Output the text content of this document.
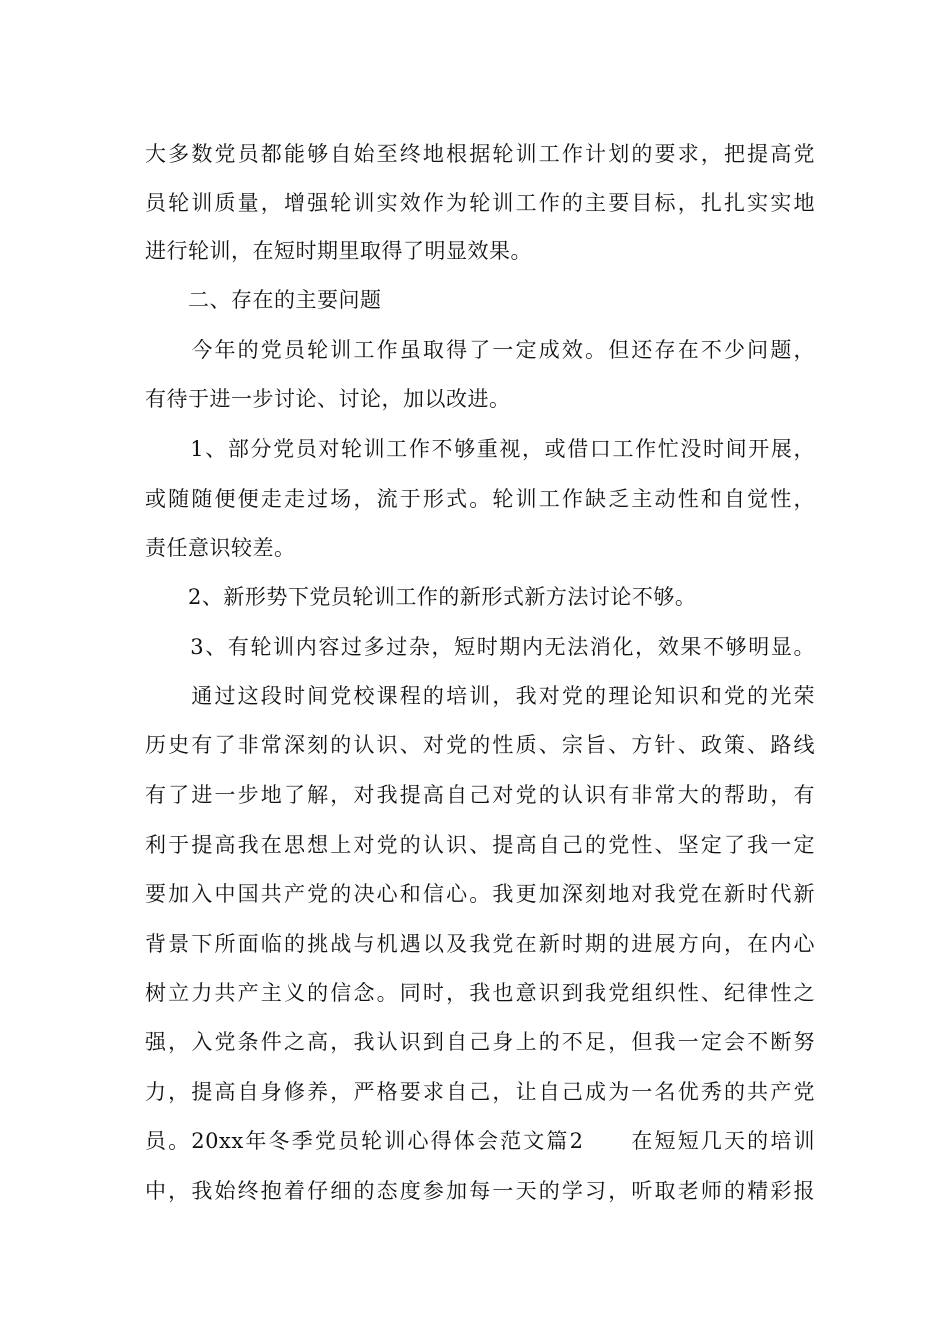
大多数党员都能够自始至终地根据轮训工作计划的要求，把提高党
员轮训质量，增强轮训实效作为轮训工作的主要目标，扎扎实实地
进行轮训，在短时期里取得了明显效果。
　　二、存在的主要问题
　　今年的党员轮训工作虽取得了一定成效。但还存在不少问题，
有待于进一步讨论、讨论，加以改进。
　　1、部分党员对轮训工作不够重视，或借口工作忙没时间开展，
或随随便便走走过场，流于形式。轮训工作缺乏主动性和自觉性，
责任意识较差。
　　2、新形势下党员轮训工作的新形式新方法讨论不够。
　　3、有轮训内容过多过杂，短时期内无法消化，效果不够明显。
　　通过这段时间党校课程的培训，我对党的理论知识和党的光荣
历史有了非常深刻的认识、对党的性质、宗旨、方针、政策、路线
有了进一步地了解，对我提高自己对党的认识有非常大的帮助，有
利于提高我在思想上对党的认识、提高自己的党性、坚定了我一定
要加入中国共产党的决心和信心。我更加深刻地对我党在新时代新
背景下所面临的挑战与机遇以及我党在新时期的进展方向，在内心
树立力共产主义的信念。同时，我也意识到我党组织性、纪律性之
强，入党条件之高，我认识到自己身上的不足，但我一定会不断努
力，提高自身修养，严格要求自己，让自己成为一名优秀的共产党
员。20xx年冬季党员轮训心得体会范文篇2　　在短短几天的培训
中，我始终抱着仔细的态度参加每一天的学习，听取老师的精彩报
